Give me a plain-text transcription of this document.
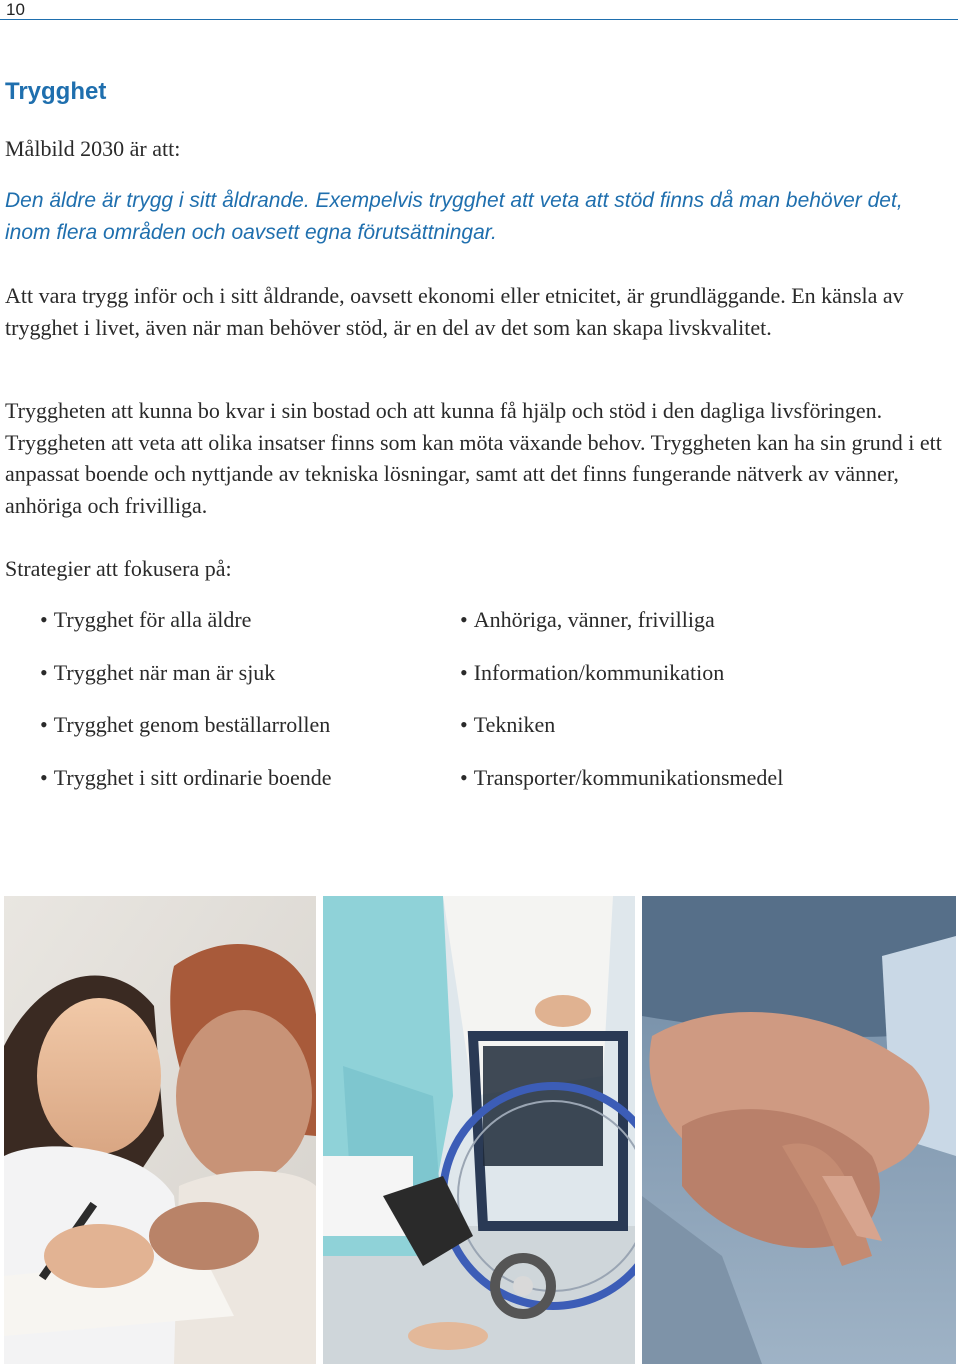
10
Trygghet

Målbild 2030 är att:

Den äldre är trygg i sitt åldrande. Exempelvis trygghet att veta att stöd finns då man behöver det, inom flera områden och oavsett egna förutsättningar.

Att vara trygg inför och i sitt åldrande, oavsett ekonomi eller etnicitet, är grundläggande. En känsla av trygghet i livet, även när man behöver stöd, är en del av det som kan skapa livskvalitet.

Tryggheten att kunna bo kvar i sin bostad och att kunna få hjälp och stöd i den dagliga livsföringen. Tryggheten att veta att olika insatser finns som kan möta växande behov. Tryggheten kan ha sin grund i ett anpassat boende och nyttjande av tekniska lösningar, samt att det finns fungerande nätverk av vänner, anhöriga och frivilliga.

Strategier att fokusera på:

• Trygghet för alla äldre
• Trygghet när man är sjuk
• Trygghet genom beställarrollen
• Trygghet i sitt ordinarie boende
• Anhöriga, vänner, frivilliga
• Information/kommunikation
• Tekniken
• Transporter/kommunikationsmedel
